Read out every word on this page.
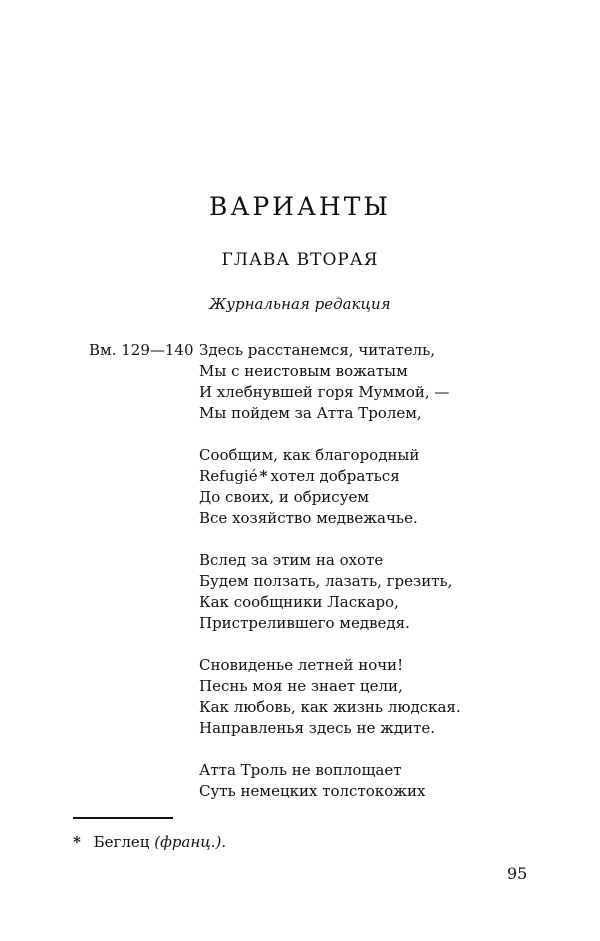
ВАРИАНТЫ
ГЛАВА ВТОРАЯ
Журнальная редакция
Вм. 129—140 Здесь расстанемся, читатель,
Мы с неистовым вожатым
И хлебнувшей горя Муммой, —
Мы пойдем за Атта Тролем,
Сообщим, как благородный
Refugié * хотел добраться
До своих, и обрисуем
Все хозяйство медвежачье.
Вслед за этим на охоте
Будем ползать, лазать, грезить,
Как сообщники Ласкаро,
Пристрелившего медведя.
Сновиденье летней ночи!
Песнь моя не знает цели,
Как любовь, как жизнь людская.
Направленья здесь не ждите.
Атта Троль не воплощает
Суть немецких толстокожих
* Беглец (франц.).
95
